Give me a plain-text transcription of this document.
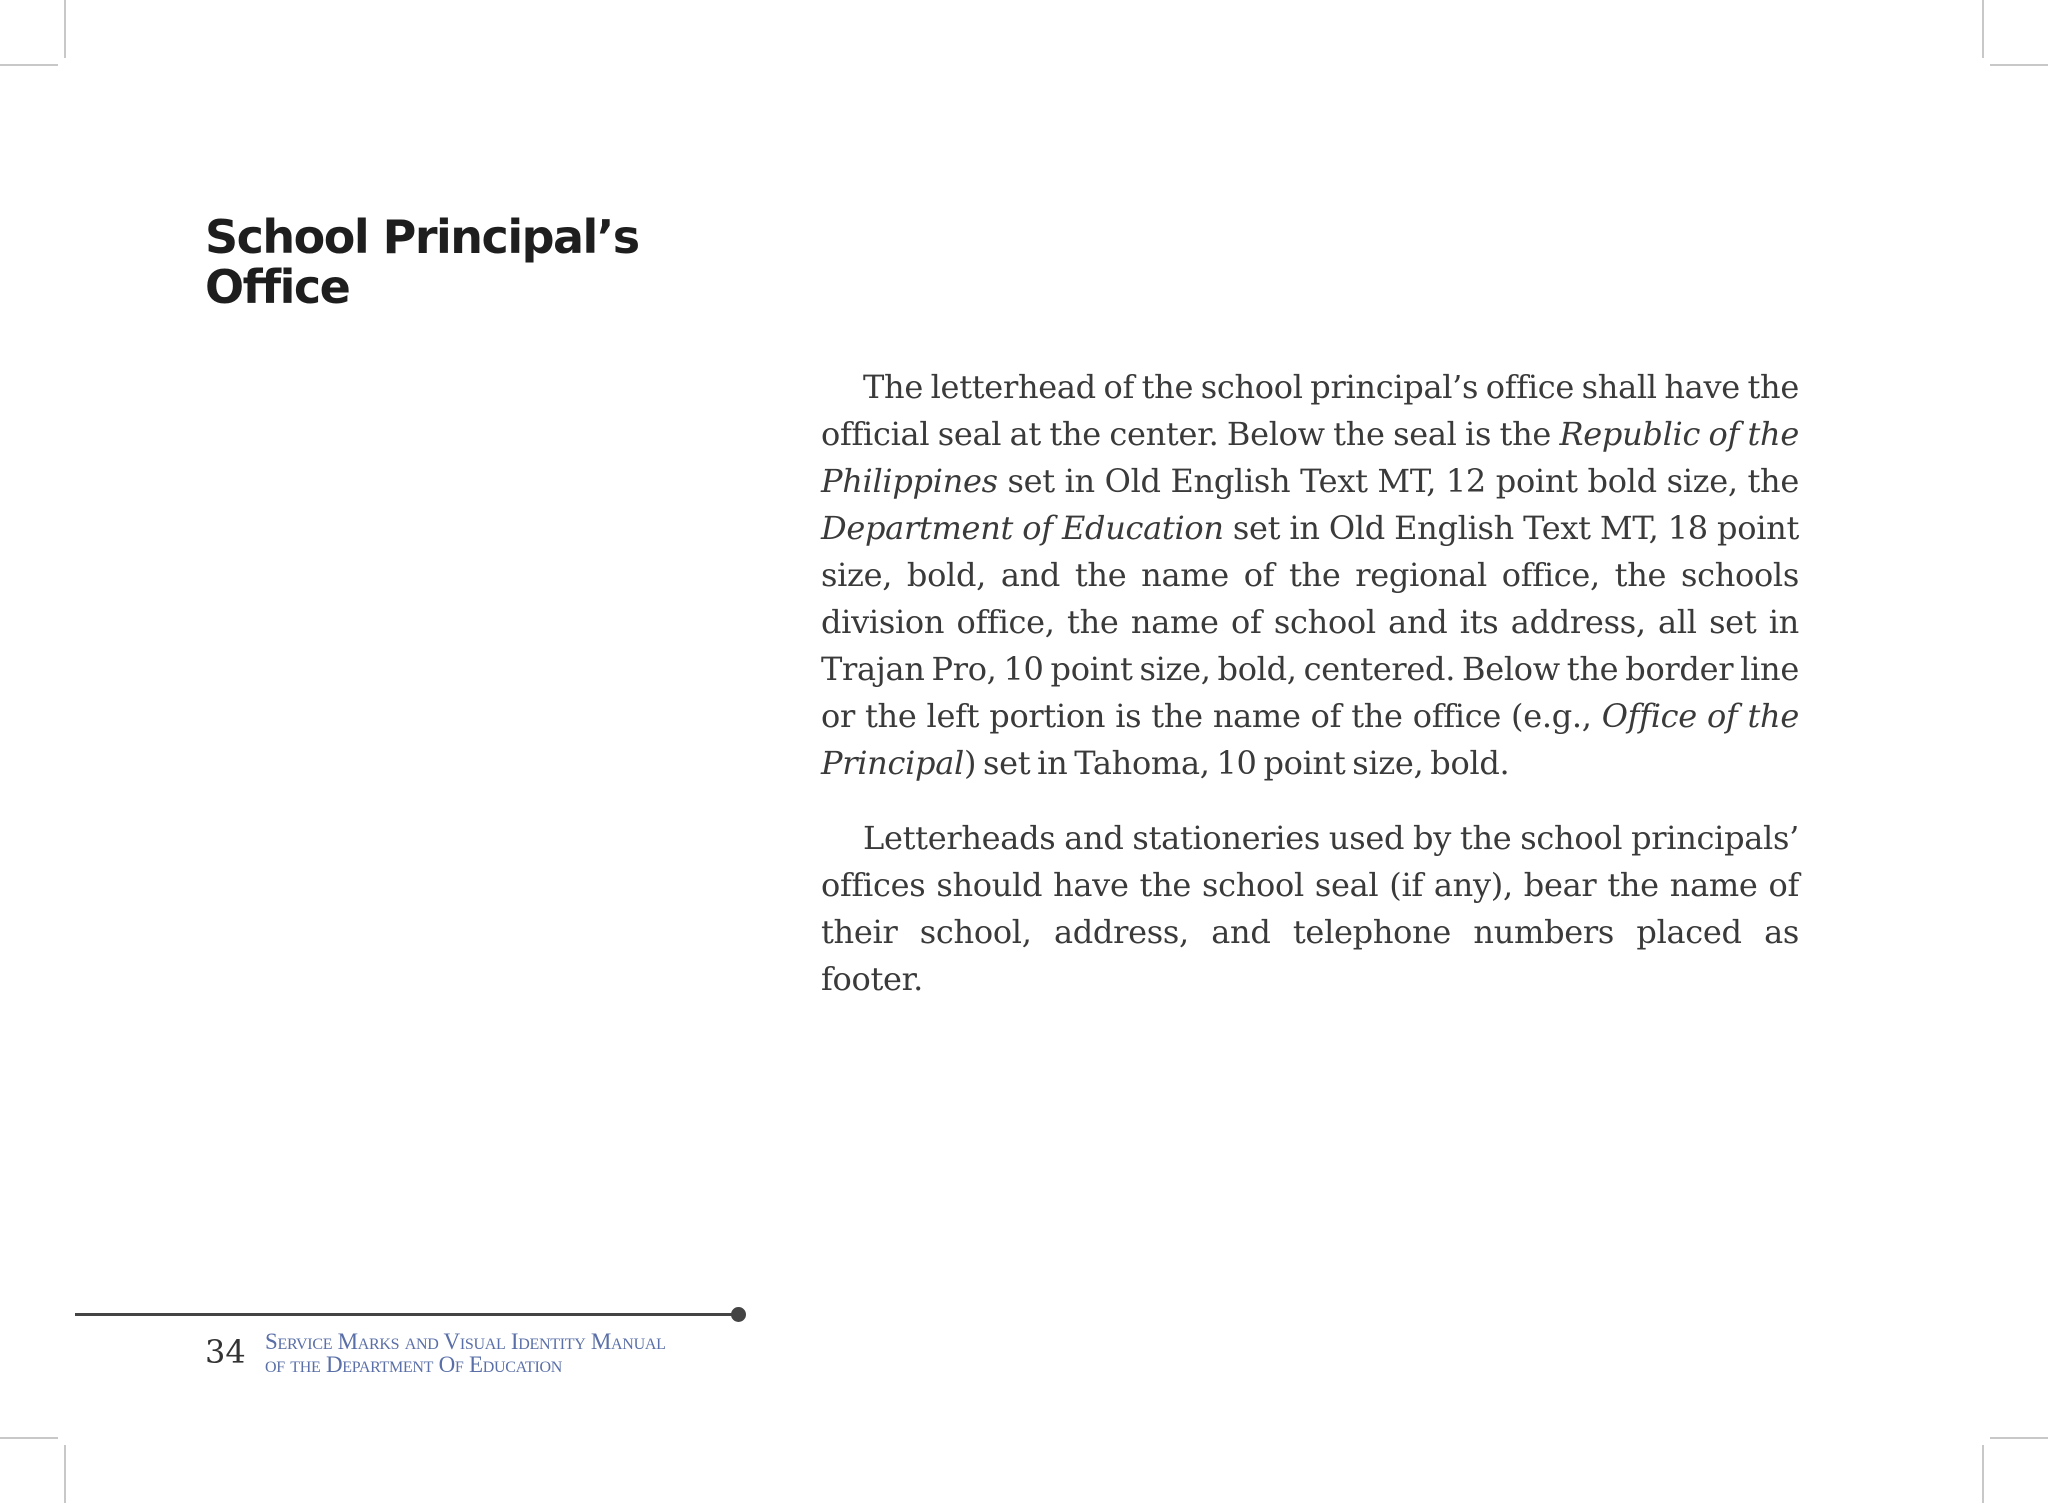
School Principal’s
Office

The letterhead of the school principal’s office shall have the official seal at the center. Below the seal is the Republic of the Philippines set in Old English Text MT, 12 point bold size, the Department of Education set in Old English Text MT, 18 point size, bold, and the name of the regional office, the schools division office, the name of school and its address, all set in Trajan Pro, 10 point size, bold, centered. Below the border line or the left portion is the name of the office (e.g., Office of the Principal) set in Tahoma, 10 point size, bold.

Letterheads and stationeries used by the school principals’ offices should have the school seal (if any), bear the name of their school, address, and telephone numbers placed as footer.

34 Service Marks and Visual Identity Manual
of the Department Of Education
